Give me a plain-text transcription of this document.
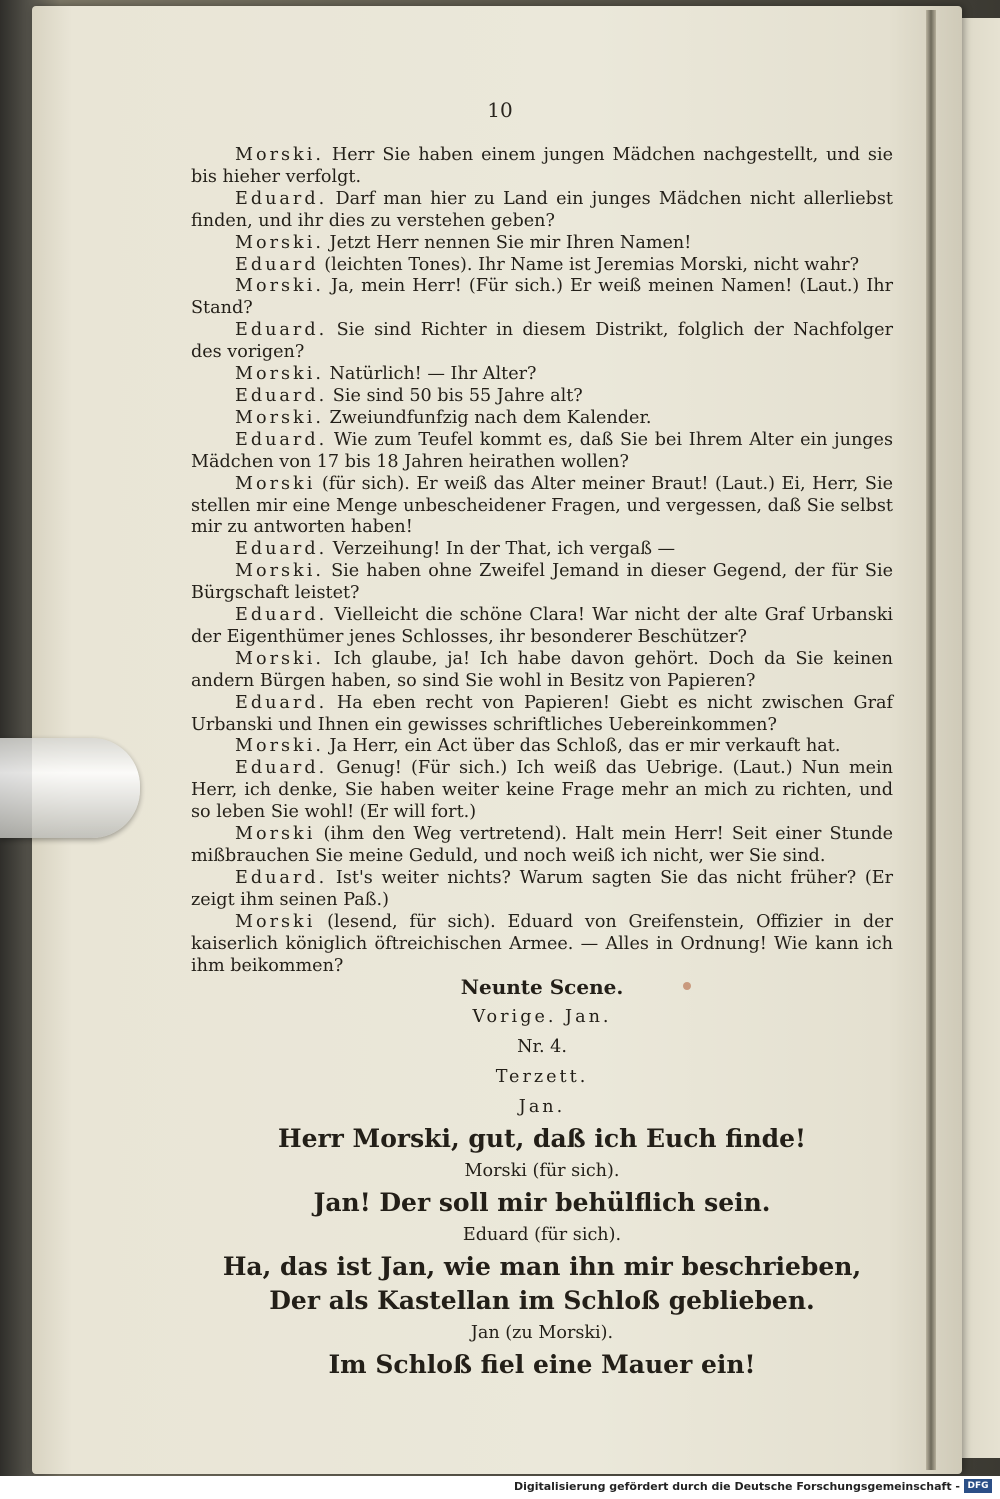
10

Morski. Herr Sie haben einem jungen Mädchen nachgestellt, und sie bis hieher verfolgt.

Eduard. Darf man hier zu Land ein junges Mädchen nicht allerliebst finden, und ihr dies zu verstehen geben?

Morski. Jetzt Herr nennen Sie mir Ihren Namen!

Eduard (leichten Tones). Ihr Name ist Jeremias Morski, nicht wahr?

Morski. Ja, mein Herr! (Für sich.) Er weiß meinen Namen! (Laut.) Ihr Stand?

Eduard. Sie sind Richter in diesem Distrikt, folglich der Nachfolger des vorigen?

Morski. Natürlich! — Ihr Alter?

Eduard. Sie sind 50 bis 55 Jahre alt?

Morski. Zweiundfunfzig nach dem Kalender.

Eduard. Wie zum Teufel kommt es, daß Sie bei Ihrem Alter ein junges Mädchen von 17 bis 18 Jahren heirathen wollen?

Morski (für sich). Er weiß das Alter meiner Braut! (Laut.) Ei, Herr, Sie stellen mir eine Menge unbescheidener Fragen, und vergessen, daß Sie selbst mir zu antworten haben!

Eduard. Verzeihung! In der That, ich vergaß —

Morski. Sie haben ohne Zweifel Jemand in dieser Gegend, der für Sie Bürgschaft leistet?

Eduard. Vielleicht die schöne Clara! War nicht der alte Graf Urbanski der Eigenthümer jenes Schlosses, ihr besonderer Beschützer?

Morski. Ich glaube, ja! Ich habe davon gehört. Doch da Sie keinen andern Bürgen haben, so sind Sie wohl in Besitz von Papieren?

Eduard. Ha eben recht von Papieren! Giebt es nicht zwischen Graf Urbanski und Ihnen ein gewisses schriftliches Uebereinkommen?

Morski. Ja Herr, ein Act über das Schloß, das er mir verkauft hat.

Eduard. Genug! (Für sich.) Ich weiß das Uebrige. (Laut.) Nun mein Herr, ich denke, Sie haben weiter keine Frage mehr an mich zu richten, und so leben Sie wohl! (Er will fort.)

Morski (ihm den Weg vertretend). Halt mein Herr! Seit einer Stunde mißbrauchen Sie meine Geduld, und noch weiß ich nicht, wer Sie sind.

Eduard. Ist's weiter nichts? Warum sagten Sie das nicht früher? (Er zeigt ihm seinen Paß.)

Morski (lesend, für sich). Eduard von Greifenstein, Offizier in der kaiserlich königlich öftreichischen Armee. — Alles in Ordnung! Wie kann ich ihm beikommen?

Neunte Scene.

Vorige. Jan.

Nr. 4.

Terzett.

Jan.

Herr Morski, gut, daß ich Euch finde!

Morski (für sich).

Jan! Der soll mir behülflich sein.

Eduard (für sich).

Ha, das ist Jan, wie man ihn mir beschrieben,

Der als Kastellan im Schloß geblieben.

Jan (zu Morski).

Im Schloß fiel eine Mauer ein!

Digitalisierung gefördert durch die Deutsche Forschungsgemeinschaft - DFG
